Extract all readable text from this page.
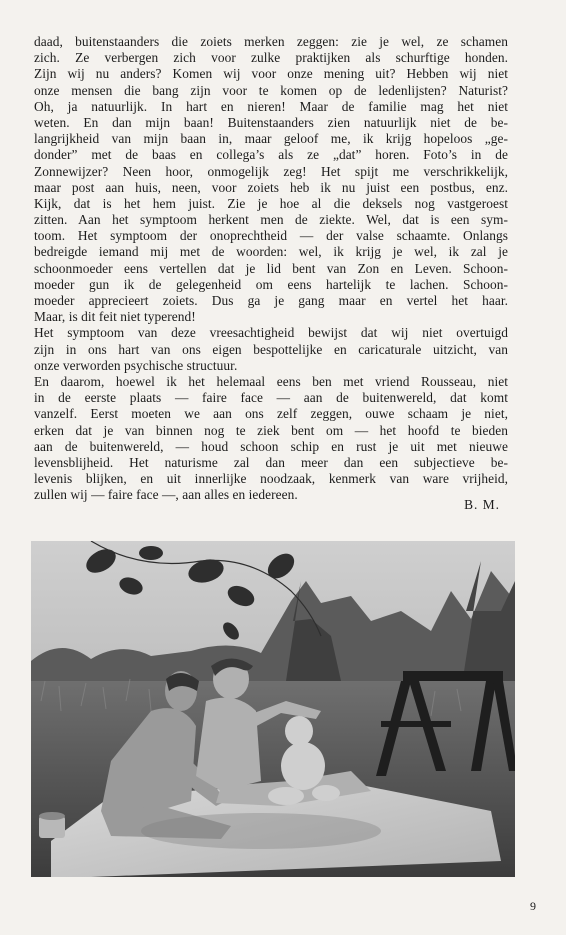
daad, buitenstaanders die zoiets merken zeggen: zie je wel, ze schamen
zich. Ze verbergen zich voor zulke praktijken als schurftige honden.
Zijn wij nu anders? Komen wij voor onze mening uit? Hebben wij niet
onze mensen die bang zijn voor te komen op de ledenlijsten? Naturist?
Oh, ja natuurlijk. In hart en nieren! Maar de familie mag het niet
weten. En dan mijn baan! Buitenstaanders zien natuurlijk niet de be-
langrijkheid van mijn baan in, maar geloof me, ik krijg hopeloos „ge-
donder” met de baas en collega’s als ze „dat” horen. Foto’s in de
Zonnewijzer? Neen hoor, onmogelijk zeg! Het spijt me verschrikkelijk,
maar post aan huis, neen, voor zoiets heb ik nu juist een postbus, enz.
Kijk, dat is het hem juist. Zie je hoe al die deksels nog vastgeroest
zitten. Aan het symptoom herkent men de ziekte. Wel, dat is een sym-
toom. Het symptoom der onoprechtheid — der valse schaamte. Onlangs
bedreigde iemand mij met de woorden: wel, ik krijg je wel, ik zal je
schoonmoeder eens vertellen dat je lid bent van Zon en Leven. Schoon-
moeder gun ik de gelegenheid om eens hartelijk te lachen. Schoon-
moeder apprecieert zoiets. Dus ga je gang maar en vertel het haar.
Maar, is dit feit niet typerend!
Het symptoom van deze vreesachtigheid bewijst dat wij niet overtuigd
zijn in ons hart van ons eigen bespottelijke en caricaturale uitzicht, van
onze verworden psychische structuur.
En daarom, hoewel ik het helemaal eens ben met vriend Rousseau, niet
in de eerste plaats — faire face — aan de buitenwereld, dat komt
vanzelf. Eerst moeten we aan ons zelf zeggen, ouwe schaam je niet,
erken dat je van binnen nog te ziek bent om — het hoofd te bieden
aan de buitenwereld, — houd schoon schip en rust je uit met nieuwe
levensblijheid. Het naturisme zal dan meer dan een subjectieve be-
levenis blijken, en uit innerlijke noodzaak, kenmerk van ware vrijheid,
zullen wij — faire face —, aan alles en iedereen.
B. M.
9
